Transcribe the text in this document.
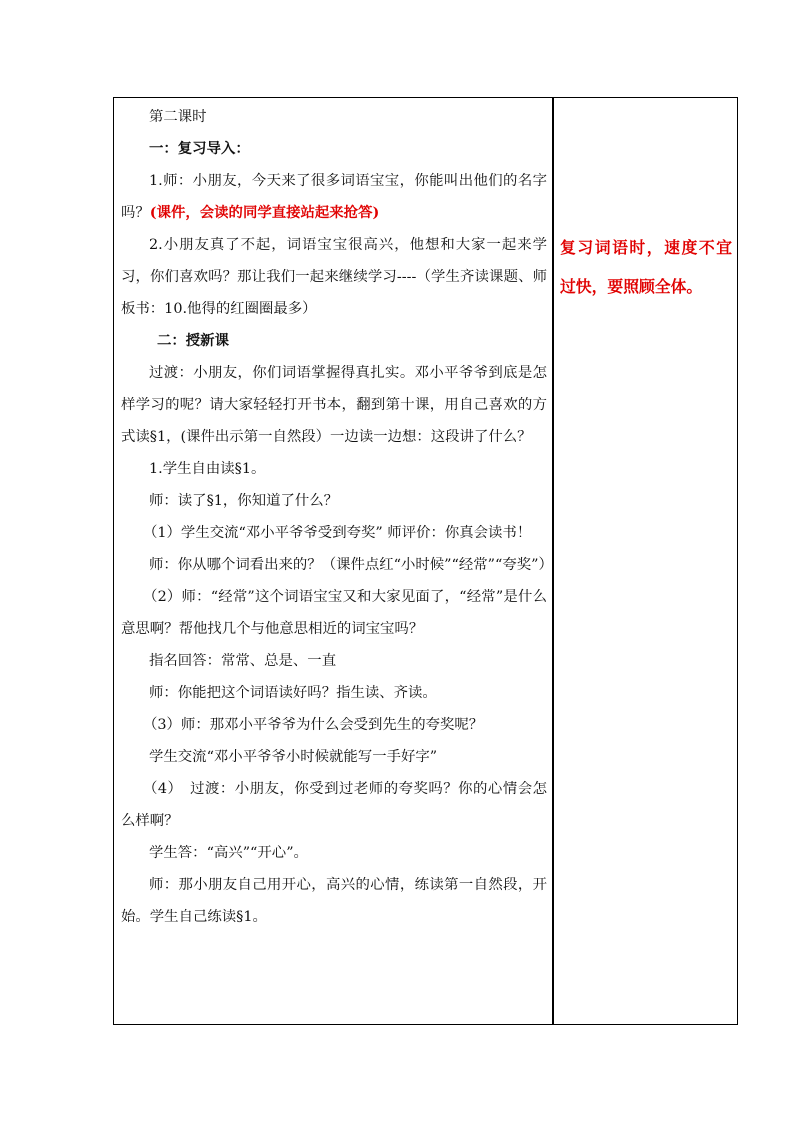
第二课时

一：复习导入：

1.师：小朋友，今天来了很多词语宝宝，你能叫出他们的名字吗？(课件，会读的同学直接站起来抢答)

2.小朋友真了不起，词语宝宝很高兴，他想和大家一起来学习，你们喜欢吗？那让我们一起来继续学习----（学生齐读课题、师板书：10.他得的红圈圈最多）

二：授新课

过渡：小朋友，你们词语掌握得真扎实。邓小平爷爷到底是怎样学习的呢？请大家轻轻打开书本，翻到第十课，用自己喜欢的方式读§1，(课件出示第一自然段）一边读一边想：这段讲了什么？

1.学生自由读§1。

师：读了§1，你知道了什么？

（1）学生交流“邓小平爷爷受到夸奖” 师评价：你真会读书！

师：你从哪个词看出来的？（课件点红“小时候”“经常”“夸奖”）

（2）师：“经常”这个词语宝宝又和大家见面了，“经常”是什么意思啊？帮他找几个与他意思相近的词宝宝吗？

指名回答：常常、总是、一直

师：你能把这个词语读好吗？指生读、齐读。

（3）师：那邓小平爷爷为什么会受到先生的夸奖呢？

学生交流“邓小平爷爷小时候就能写一手好字”

（4）　过渡：小朋友，你受到过老师的夸奖吗？你的心情会怎么样啊？

学生答：“高兴”“开心”。

师：那小朋友自己用开心，高兴的心情，练读第一自然段，开始。学生自己练读§1。

复习词语时，速度不宜过快，要照顾全体。
